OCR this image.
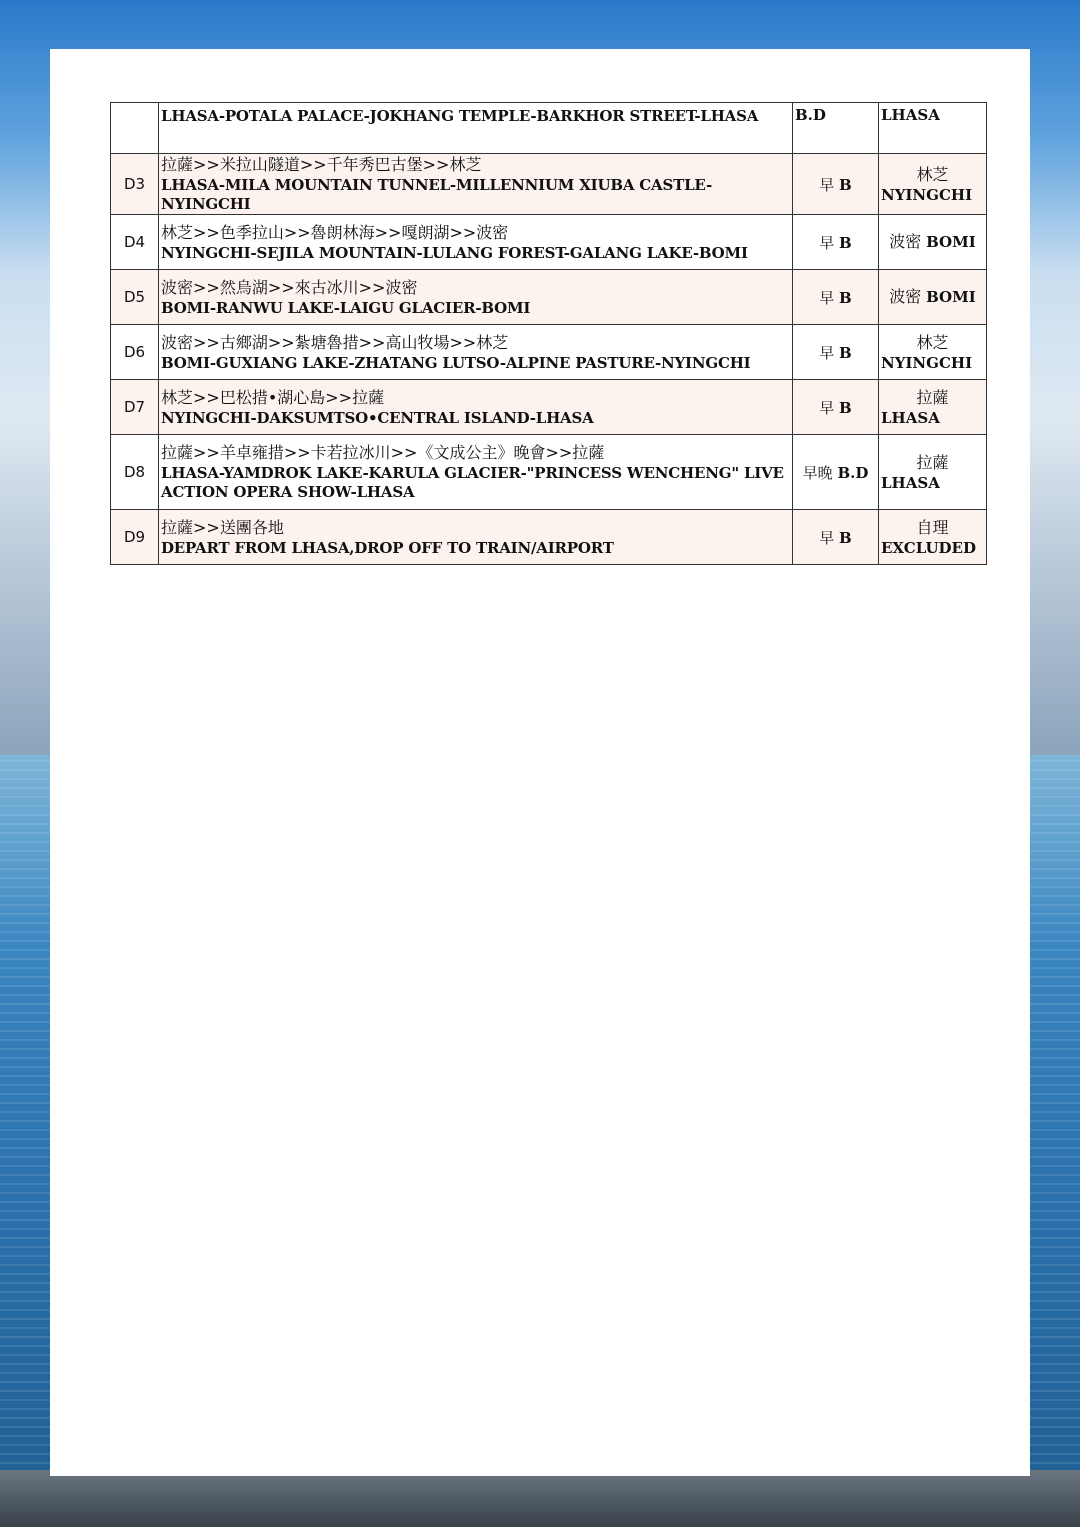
	LHASA-POTALA PALACE-JOKHANG TEMPLE-BARKHOR STREET-LHASA	B.D	LHASA
D3	拉薩>>米拉山隧道>>千年秀巴古堡>>林芝
LHASA-MILA MOUNTAIN TUNNEL-MILLENNIUM XIUBA CASTLE-NYINGCHI	早 B	林芝
NYINGCHI

D4	林芝>>色季拉山>>魯朗林海>>嘎朗湖>>波密
NYINGCHI-SEJILA MOUNTAIN-LULANG FOREST-GALANG LAKE-BOMI	早 B	波密 BOMI
D5	波密>>然烏湖>>來古冰川>>波密
BOMI-RANWU LAKE-LAIGU GLACIER-BOMI	早 B	波密 BOMI
D6	波密>>古鄉湖>>紮塘魯措>>高山牧場>>林芝
BOMI-GUXIANG LAKE-ZHATANG LUTSO-ALPINE PASTURE-NYINGCHI	早 B	林芝
NYINGCHI

D7	林芝>>巴松措•湖心島>>拉薩
NYINGCHI-DAKSUMTSO•CENTRAL ISLAND-LHASA	早 B	拉薩
LHASA

D8	拉薩>>羊卓雍措>>卡若拉冰川>>《文成公主》晚會>>拉薩
LHASA-YAMDROK LAKE-KARULA GLACIER-"PRINCESS WENCHENG" LIVE ACTION OPERA SHOW-LHASA	早晚 B.D	拉薩
LHASA

D9	拉薩>>送團各地
DEPART FROM LHASA,DROP OFF TO TRAIN/AIRPORT	早 B	自理
EXCLUDED
